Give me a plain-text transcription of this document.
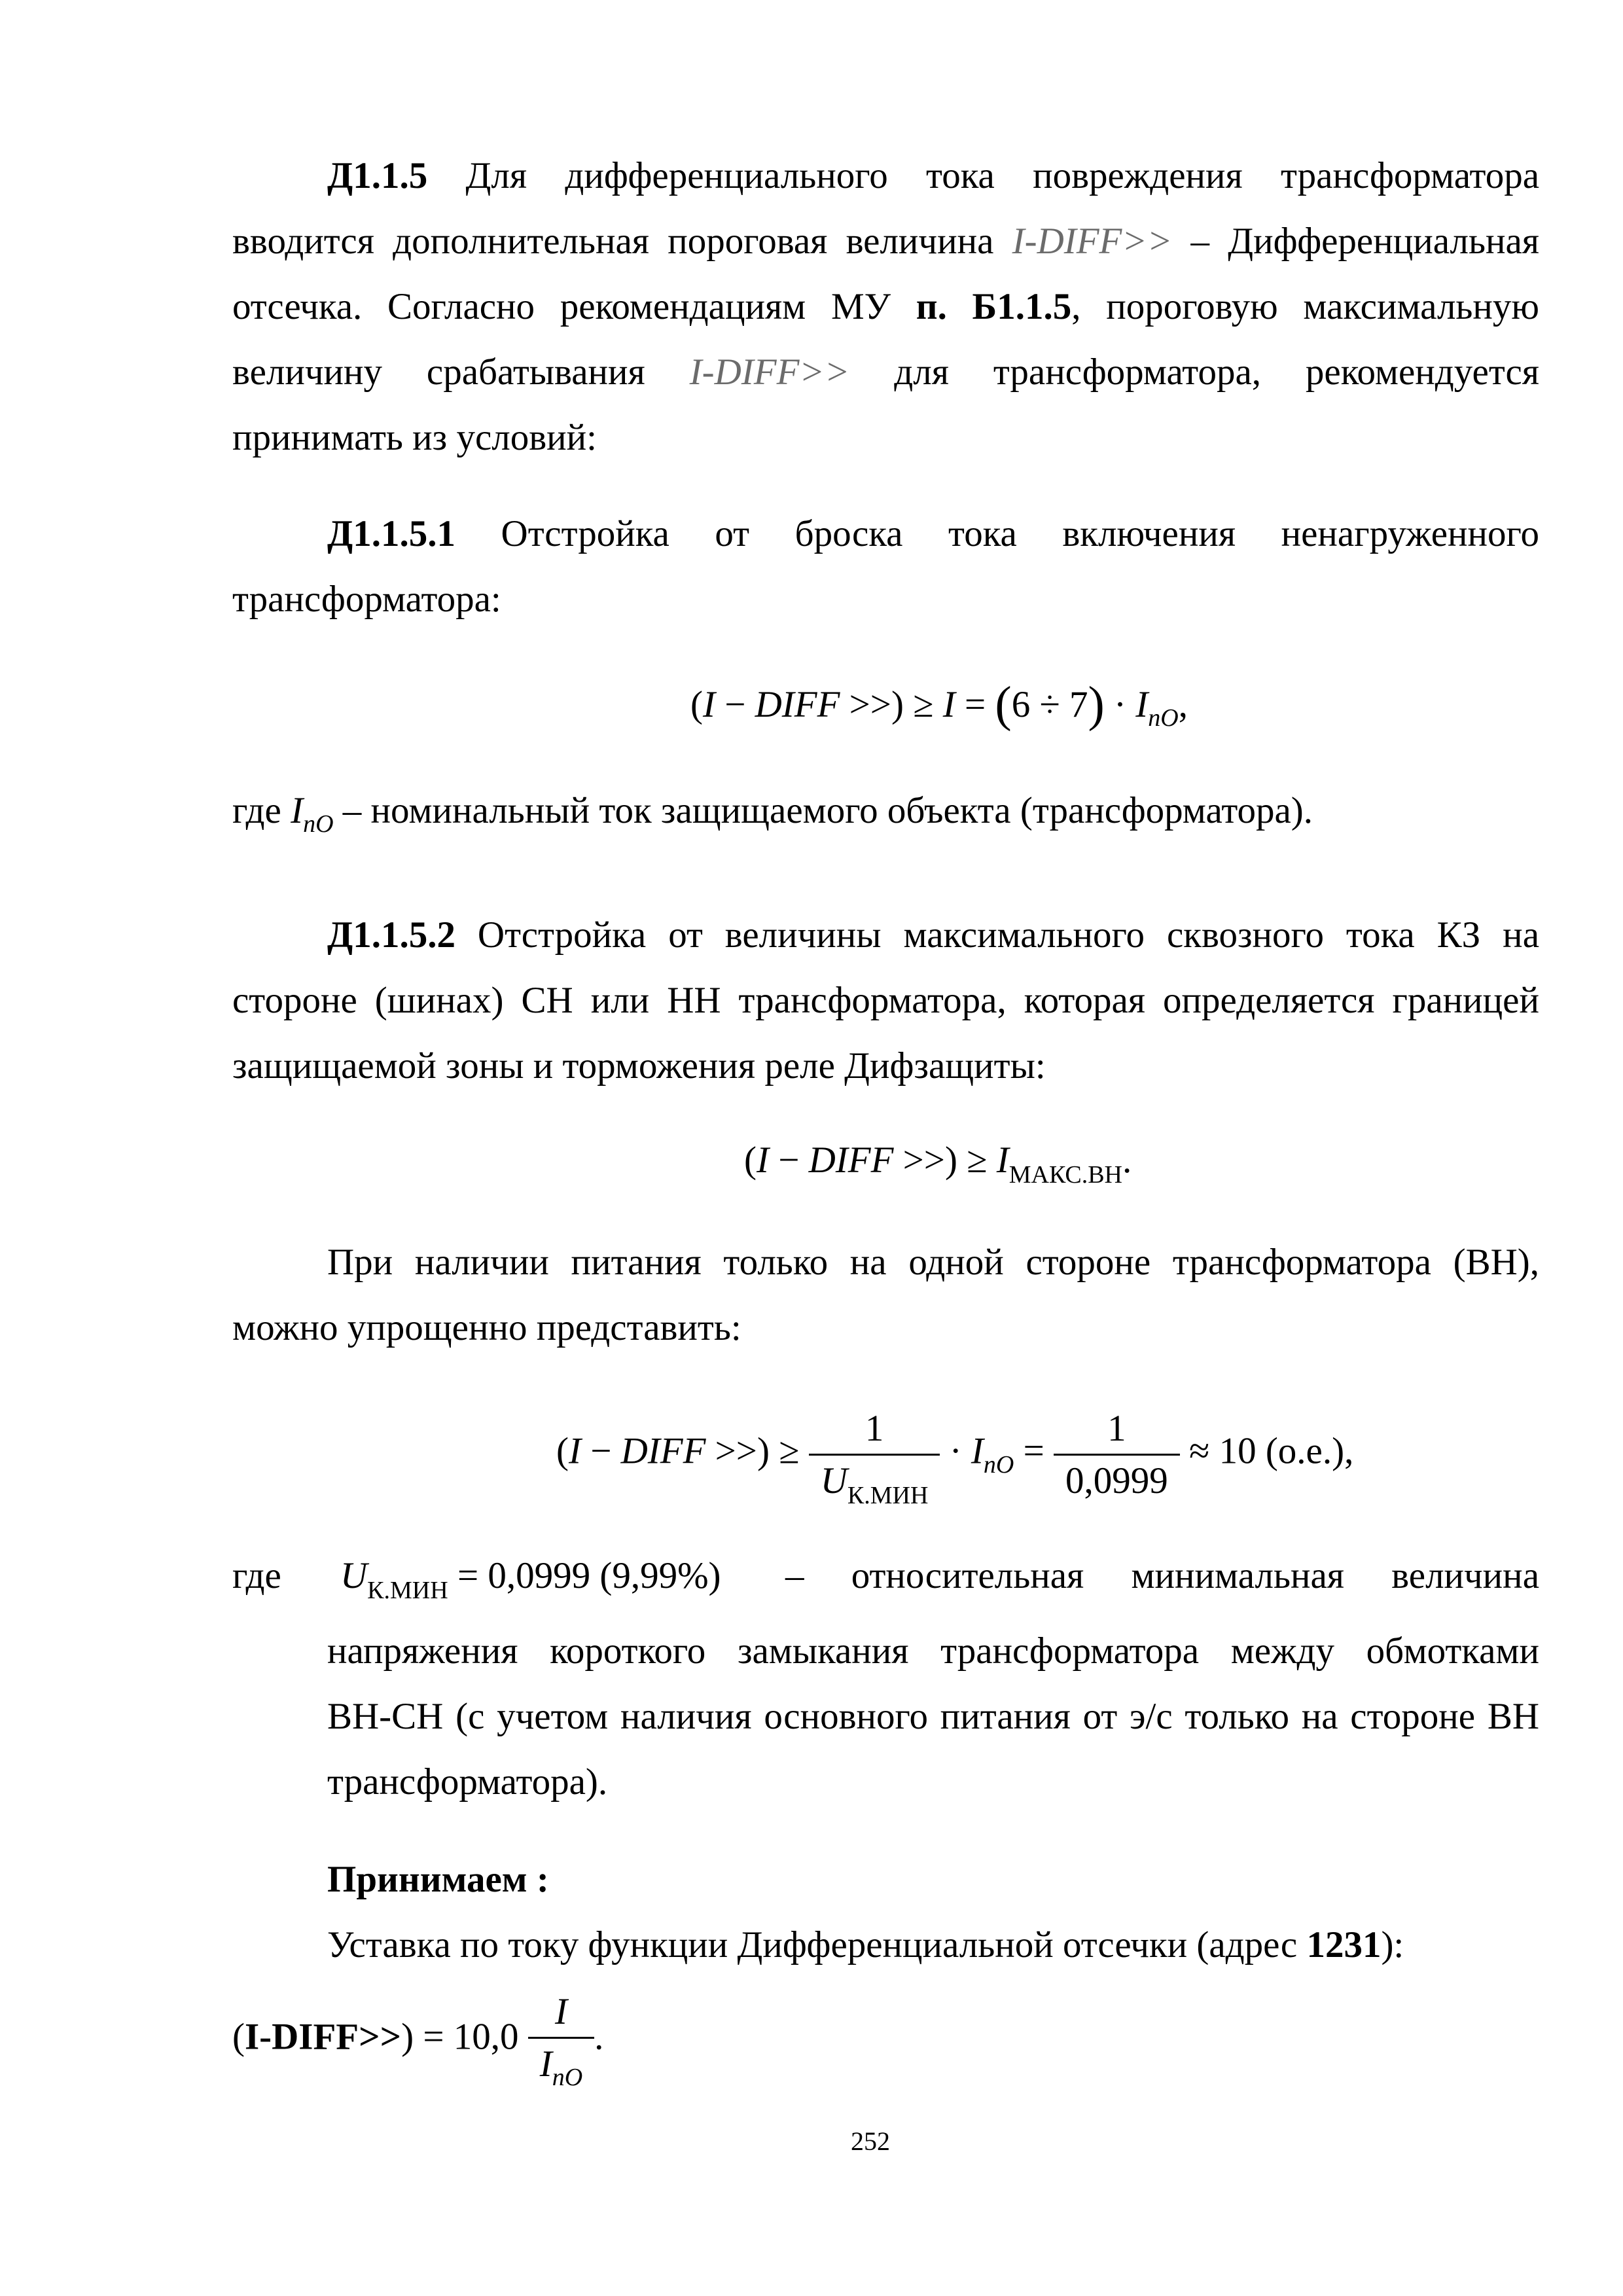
Д1.1.5 Для дифференциального тока повреждения трансформатора
вводится дополнительная пороговая величина I-DIFF>> – Дифференциальная
отсечка. Согласно рекомендациям МУ п. Б1.1.5, пороговую максимальную
величину срабатывания I-DIFF>> для трансформатора, рекомендуется
принимать из условий:
Д1.1.5.1 Отстройка от броска тока включения ненагруженного
трансформатора:
(I − DIFF >>) ≥ $I = (6 \div 7) \cdot I_{nO}$,
где $I_{nO}$ – номинальный ток защищаемого объекта (трансформатора).
Д1.1.5.2 Отстройка от величины максимального сквозного тока КЗ на
стороне (шинах) СН или НН трансформатора, которая определяется границей
защищаемой зоны и торможения реле Дифзащиты:
(I − DIFF >>) ≥ $I_{МАКС.ВН}$.
При наличии питания только на одной стороне трансформатора (ВН),
можно упрощенно представить:
(I − DIFF >>) ≥ $\frac{1}{U_{К.МИН}} \cdot I_{nO} = \frac{1}{0,0999} \approx 10$ (о.е.),
где $U_{К.МИН} = 0,0999$ (9,99%) – относительная минимальная величина
напряжения короткого замыкания трансформатора между обмотками
ВН-СН (с учетом наличия основного питания от э/с только на стороне ВН
трансформатора).
Принимаем :
Уставка по току функции Дифференциальной отсечки (адрес 1231):
(I-DIFF>>) = $10,0 \frac{I}{I_{nO}}$ .
252
